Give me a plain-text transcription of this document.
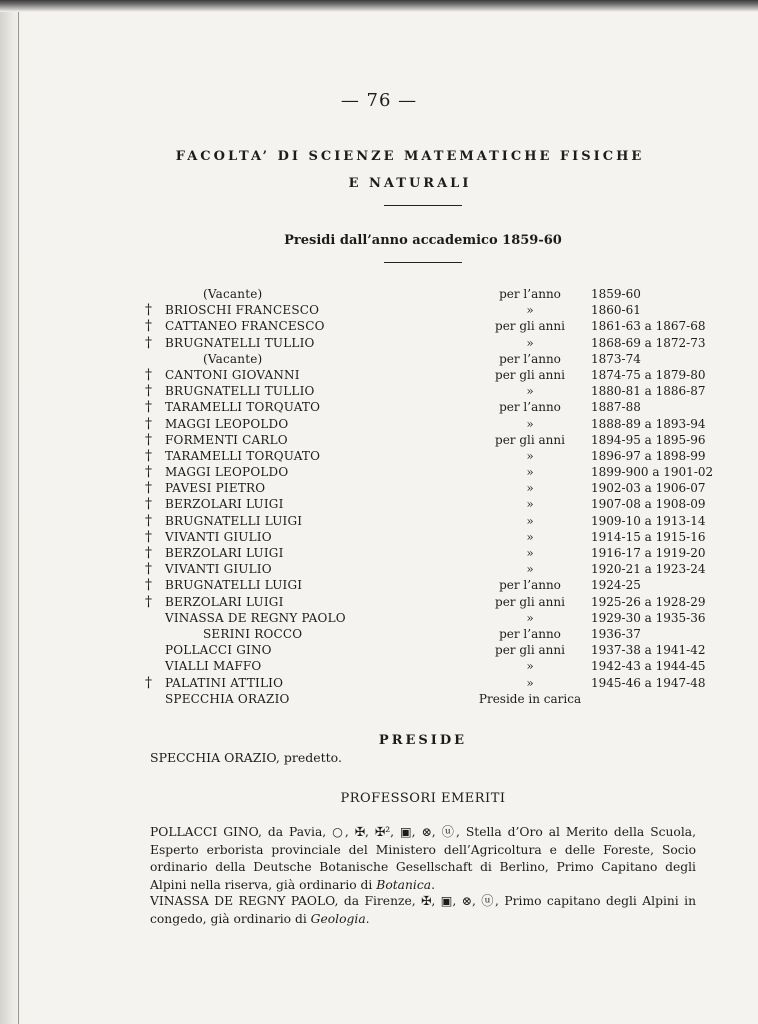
— 76 —
FACOLTA’ DI SCIENZE MATEMATICHE FISICHE
E NATURALI
Presidi dall’anno accademico 1859-60
(Vacante)	per l’anno	1859-60
†	BRIOSCHI FRANCESCO	»	1860-61
†	CATTANEO FRANCESCO	per gli anni	1861-63 a 1867-68
†	BRUGNATELLI TULLIO	»	1868-69 a 1872-73
(Vacante)	per l’anno	1873-74
†	CANTONI GIOVANNI	per gli anni	1874-75 a 1879-80
†	BRUGNATELLI TULLIO	»	1880-81 a 1886-87
†	TARAMELLI TORQUATO	per l’anno	1887-88
†	MAGGI LEOPOLDO	»	1888-89 a 1893-94
†	FORMENTI CARLO	per gli anni	1894-95 a 1895-96
†	TARAMELLI TORQUATO	»	1896-97 a 1898-99
†	MAGGI LEOPOLDO	»	1899-900 a 1901-02
†	PAVESI PIETRO	»	1902-03 a 1906-07
†	BERZOLARI LUIGI	»	1907-08 a 1908-09
†	BRUGNATELLI LUIGI	»	1909-10 a 1913-14
†	VIVANTI GIULIO	»	1914-15 a 1915-16
†	BERZOLARI LUIGI	»	1916-17 a 1919-20
†	VIVANTI GIULIO	»	1920-21 a 1923-24
†	BRUGNATELLI LUIGI	per l’anno	1924-25
†	BERZOLARI LUIGI	per gli anni	1925-26 a 1928-29
VINASSA DE REGNY PAOLO	»	1929-30 a 1935-36
SERINI ROCCO	per l’anno	1936-37
POLLACCI GINO	per gli anni	1937-38 a 1941-42
VIALLI MAFFO	»	1942-43 a 1944-45
†	PALATINI ATTILIO	»	1945-46 a 1947-48
SPECCHIA ORAZIO	Preside in carica
PRESIDE
SPECCHIA ORAZIO, predetto.
PROFESSORI EMERITI
POLLACCI GINO, da Pavia, ○, ✠, ✠², ▣, ⊗, ⓤ, Stella d’Oro al Merito della Scuola, Esperto erborista provinciale del Ministero dell’Agricoltura e delle Foreste, Socio ordinario della Deutsche Botanische Gesellschaft di Berlino, Primo Capitano degli Alpini nella riserva, già ordinario di Botanica.
VINASSA DE REGNY PAOLO, da Firenze, ✠, ▣, ⊗, ⓤ, Primo capitano degli Alpini in congedo, già ordinario di Geologia.
